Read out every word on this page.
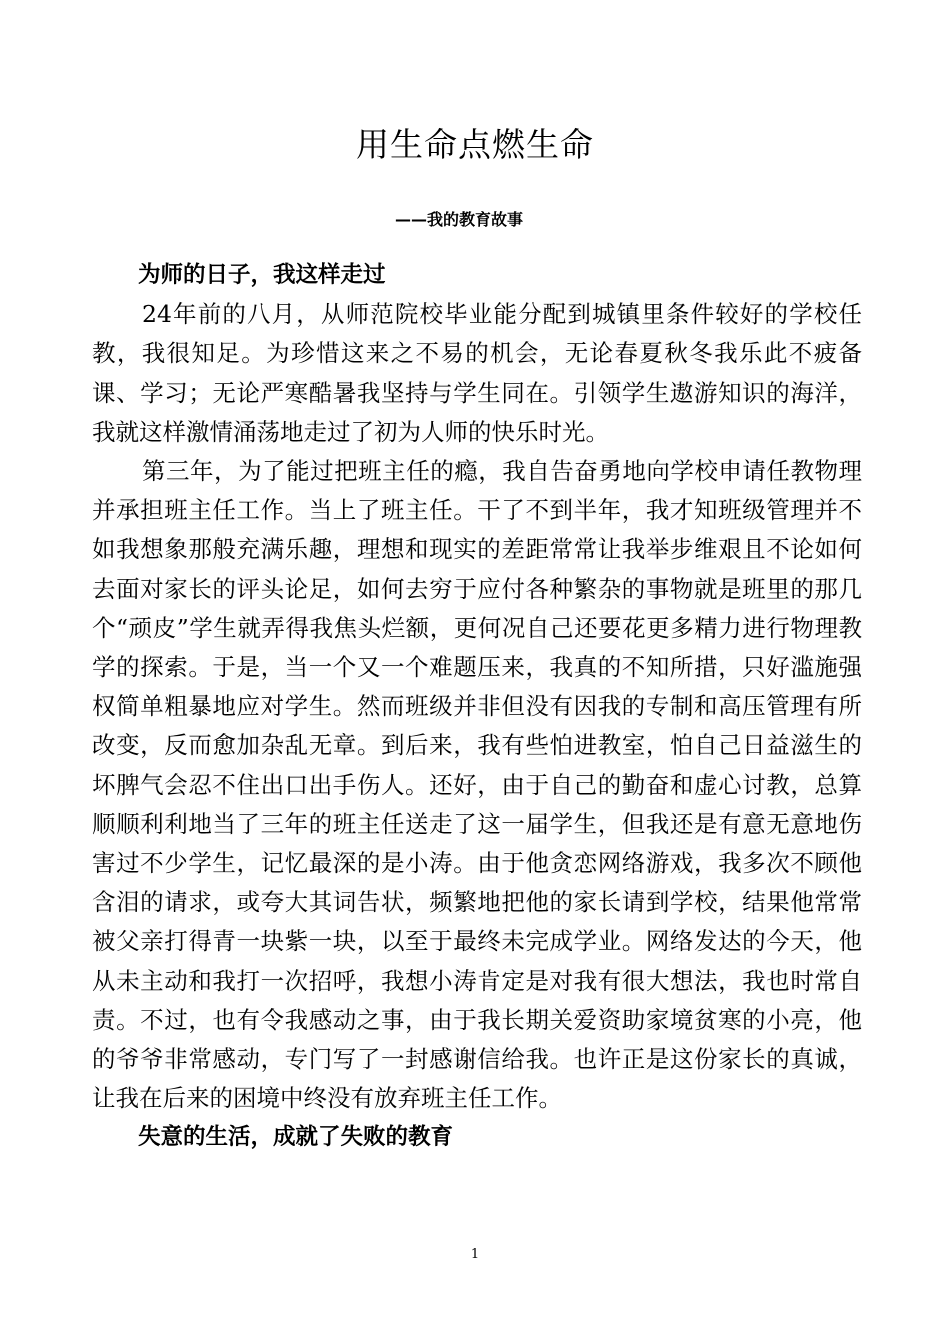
用生命点燃生命
——我的教育故事

为师的日子，我这样走过

24年前的八月，从师范院校毕业能分配到城镇里条件较好的学校任教，我很知足。为珍惜这来之不易的机会，无论春夏秋冬我乐此不疲备课、学习；无论严寒酷暑我坚持与学生同在。引领学生遨游知识的海洋，我就这样激情涌荡地走过了初为人师的快乐时光。

第三年，为了能过把班主任的瘾，我自告奋勇地向学校申请任教物理并承担班主任工作。当上了班主任。干了不到半年，我才知班级管理并不如我想象那般充满乐趣，理想和现实的差距常常让我举步维艰且不论如何去面对家长的评头论足，如何去穷于应付各种繁杂的事物就是班里的那几个“顽皮”学生就弄得我焦头烂额，更何况自己还要花更多精力进行物理教学的探索。于是，当一个又一个难题压来，我真的不知所措，只好滥施强权简单粗暴地应对学生。然而班级并非但没有因我的专制和高压管理有所改变，反而愈加杂乱无章。到后来，我有些怕进教室，怕自己日益滋生的坏脾气会忍不住出口出手伤人。还好，由于自己的勤奋和虚心讨教，总算顺顺利利地当了三年的班主任送走了这一届学生，但我还是有意无意地伤害过不少学生，记忆最深的是小涛。由于他贪恋网络游戏，我多次不顾他含泪的请求，或夸大其词告状，频繁地把他的家长请到学校，结果他常常被父亲打得青一块紫一块，以至于最终未完成学业。网络发达的今天，他从未主动和我打一次招呼，我想小涛肯定是对我有很大想法，我也时常自责。不过，也有令我感动之事，由于我长期关爱资助家境贫寒的小亮，他的爷爷非常感动，专门写了一封感谢信给我。也许正是这份家长的真诚，让我在后来的困境中终没有放弃班主任工作。

失意的生活，成就了失败的教育

1
